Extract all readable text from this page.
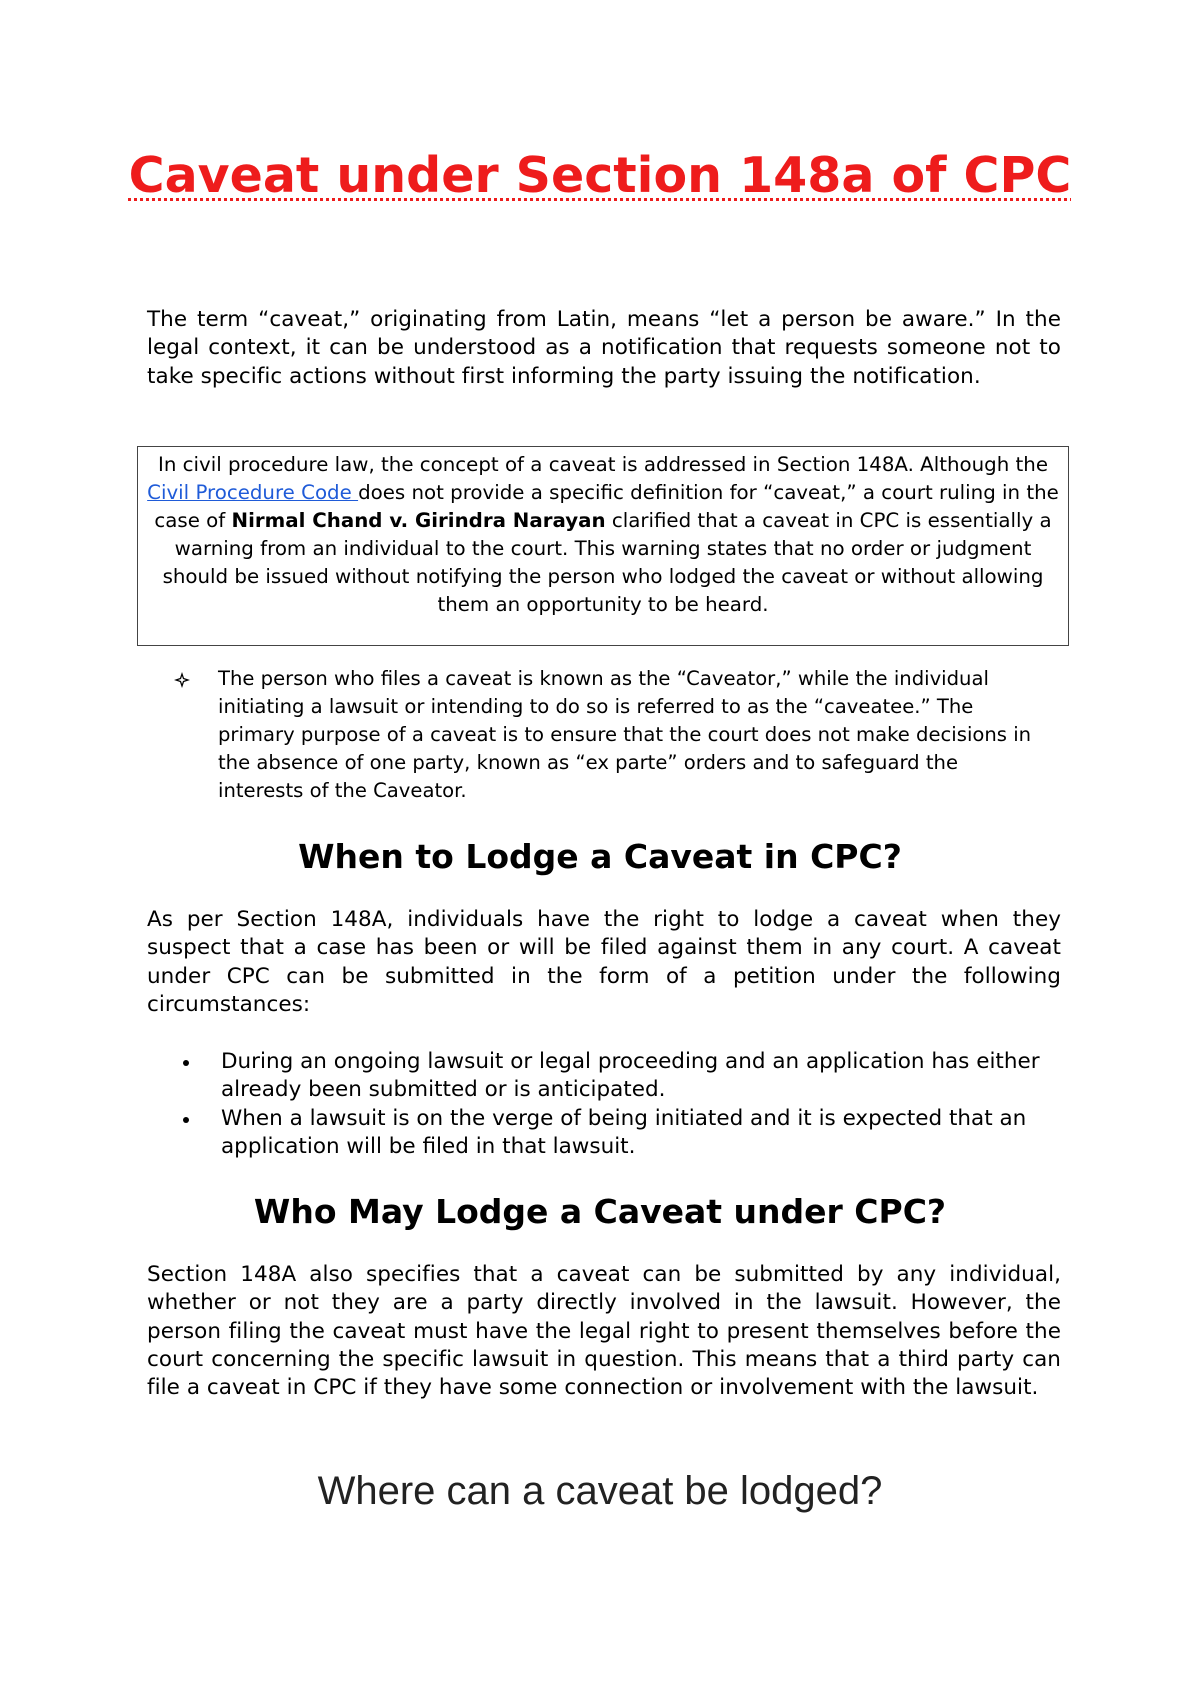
Caveat under Section 148a of CPC

The term “caveat,” originating from Latin, means “let a person be aware.” In the legal context, it can be understood as a notification that requests someone not to take specific actions without first informing the party issuing the notification.

In civil procedure law, the concept of a caveat is addressed in Section 148A. Although the Civil Procedure Code does not provide a specific definition for “caveat,” a court ruling in the case of Nirmal Chand v. Girindra Narayan clarified that a caveat in CPC is essentially a warning from an individual to the court. This warning states that no order or judgment should be issued without notifying the person who lodged the caveat or without allowing them an opportunity to be heard.
The person who files a caveat is known as the “Caveator,” while the individual initiating a lawsuit or intending to do so is referred to as the “caveatee.” The primary purpose of a caveat is to ensure that the court does not make decisions in the absence of one party, known as “ex parte” orders and to safeguard the interests of the Caveator.
When to Lodge a Caveat in CPC?

As per Section 148A, individuals have the right to lodge a caveat when they suspect that a case has been or will be filed against them in any court. A caveat under CPC can be submitted in the form of a petition under the following circumstances:

During an ongoing lawsuit or legal proceeding and an application has either already been submitted or is anticipated.
When a lawsuit is on the verge of being initiated and it is expected that an application will be filed in that lawsuit.
Who May Lodge a Caveat under CPC?

Section 148A also specifies that a caveat can be submitted by any individual, whether or not they are a party directly involved in the lawsuit. However, the person filing the caveat must have the legal right to present themselves before the court concerning the specific lawsuit in question. This means that a third party can file a caveat in CPC if they have some connection or involvement with the lawsuit.

Where can a caveat be lodged?
